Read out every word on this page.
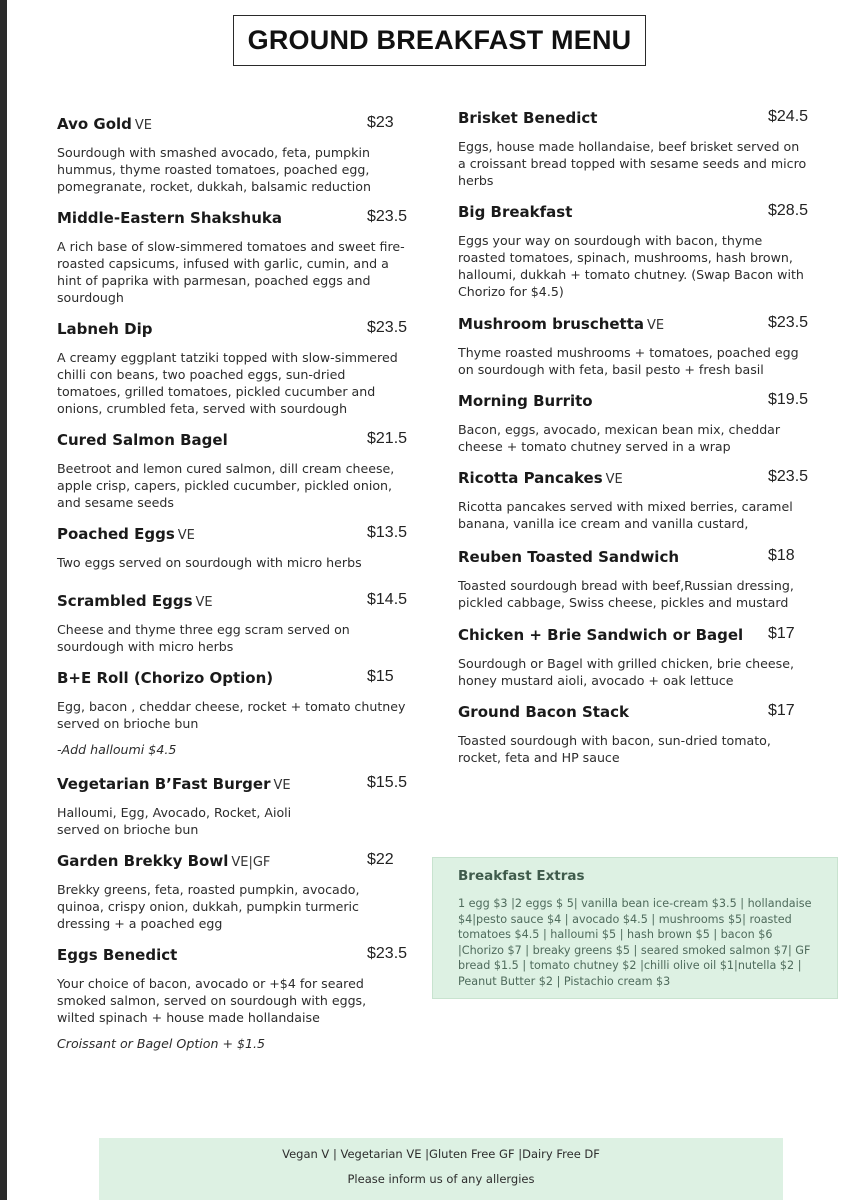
GROUND BREAKFAST MENU
Avo Gold VE	$23
Sourdough with smashed avocado, feta, pumpkin hummus, thyme roasted tomatoes, poached egg, pomegranate, rocket, dukkah, balsamic reduction
Middle-Eastern Shakshuka	$23.5
A rich base of slow-simmered tomatoes and sweet fire-roasted capsicums, infused with garlic, cumin, and a hint of paprika with parmesan, poached eggs and sourdough
Labneh Dip	$23.5
A creamy eggplant tatziki topped with slow-simmered chilli con beans, two poached eggs, sun-dried tomatoes, grilled tomatoes, pickled cucumber and onions, crumbled feta, served with sourdough
Cured Salmon Bagel	$21.5
Beetroot and lemon cured salmon, dill cream cheese, apple crisp, capers, pickled cucumber, pickled onion, and sesame seeds
Poached Eggs VE	$13.5
Two eggs served on sourdough with micro herbs
Scrambled Eggs VE	$14.5
Cheese and thyme three egg scram served on sourdough with micro herbs
B+E Roll (Chorizo Option)	$15
Egg, bacon , cheddar cheese, rocket + tomato chutney served on brioche bun
-Add halloumi $4.5
Vegetarian B’Fast Burger VE	$15.5
Halloumi, Egg, Avocado, Rocket, Aioli served on brioche bun
Garden Brekky Bowl VE|GF	$22
Brekky greens, feta, roasted pumpkin, avocado, quinoa, crispy onion, dukkah, pumpkin turmeric dressing + a poached egg
Eggs Benedict	$23.5
Your choice of bacon, avocado or +$4 for seared smoked salmon, served on sourdough with eggs, wilted spinach + house made hollandaise
Croissant or Bagel Option + $1.5
Brisket Benedict	$24.5
Eggs, house made hollandaise, beef brisket served on a croissant bread topped with sesame seeds and micro herbs
Big Breakfast	$28.5
Eggs your way on sourdough with bacon, thyme roasted tomatoes, spinach, mushrooms, hash brown, halloumi, dukkah + tomato chutney. (Swap Bacon with Chorizo for $4.5)
Mushroom bruschetta VE	$23.5
Thyme roasted mushrooms + tomatoes, poached egg on sourdough with feta, basil pesto + fresh basil
Morning Burrito	$19.5
Bacon, eggs, avocado, mexican bean mix, cheddar cheese + tomato chutney served in a wrap
Ricotta Pancakes VE	$23.5
Ricotta pancakes served with mixed berries, caramel banana, vanilla ice cream and vanilla custard,
Reuben Toasted Sandwich	$18
Toasted sourdough bread with beef,Russian dressing, pickled cabbage, Swiss cheese, pickles and mustard
Chicken + Brie Sandwich or Bagel $17
Sourdough or Bagel with grilled chicken, brie cheese, honey mustard aioli, avocado + oak lettuce
Ground Bacon Stack	$17
Toasted sourdough with bacon, sun-dried tomato, rocket, feta and HP sauce
Breakfast Extras
1 egg $3 |2 eggs $ 5| vanilla bean ice-cream $3.5 | hollandaise $4|pesto sauce $4 | avocado $4.5 | mushrooms $5| roasted tomatoes $4.5 | halloumi $5 | hash brown $5 | bacon $6 |Chorizo $7 | breaky greens $5 | seared smoked salmon $7| GF bread $1.5 | tomato chutney $2 |chilli olive oil $1|nutella $2 | Peanut Butter $2 | Pistachio cream $3
Vegan V | Vegetarian VE |Gluten Free GF |Dairy Free DF
Please inform us of any allergies
